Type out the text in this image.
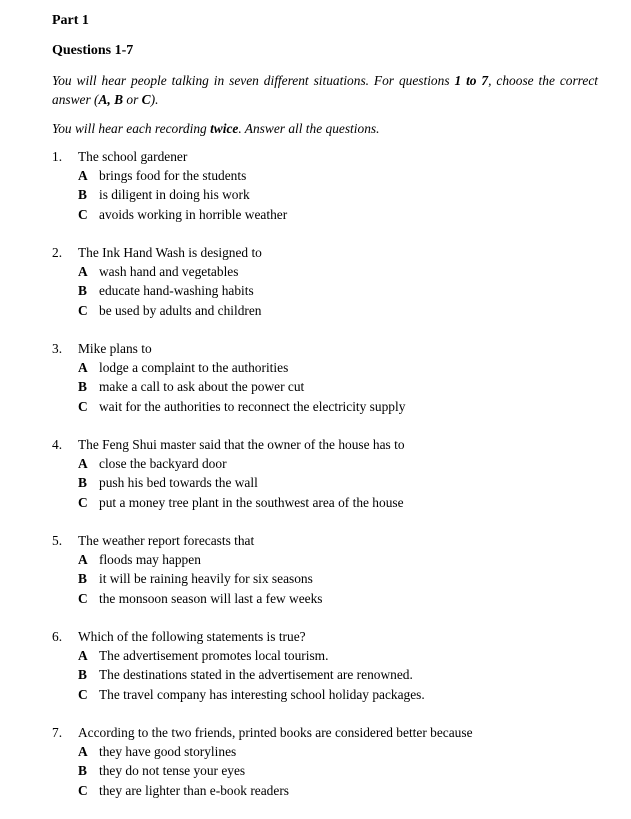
Part 1
Questions 1-7
You will hear people talking in seven different situations. For questions 1 to 7, choose the correct answer (A, B or C).
You will hear each recording twice. Answer all the questions.
1.	The school gardener
A brings food for the students
B is diligent in doing his work
C avoids working in horrible weather
2.	The Ink Hand Wash is designed to
A wash hand and vegetables
B educate hand-washing habits
C be used by adults and children
3.	Mike plans to
A lodge a complaint to the authorities
B make a call to ask about the power cut
C wait for the authorities to reconnect the electricity supply
4.	The Feng Shui master said that the owner of the house has to
A close the backyard door
B push his bed towards the wall
C put a money tree plant in the southwest area of the house
5.	The weather report forecasts that
A floods may happen
B it will be raining heavily for six seasons
C the monsoon season will last a few weeks
6.	Which of the following statements is true?
A The advertisement promotes local tourism.
B The destinations stated in the advertisement are renowned.
C The travel company has interesting school holiday packages.
7.	According to the two friends, printed books are considered better because
A they have good storylines
B they do not tense your eyes
C they are lighter than e-book readers
